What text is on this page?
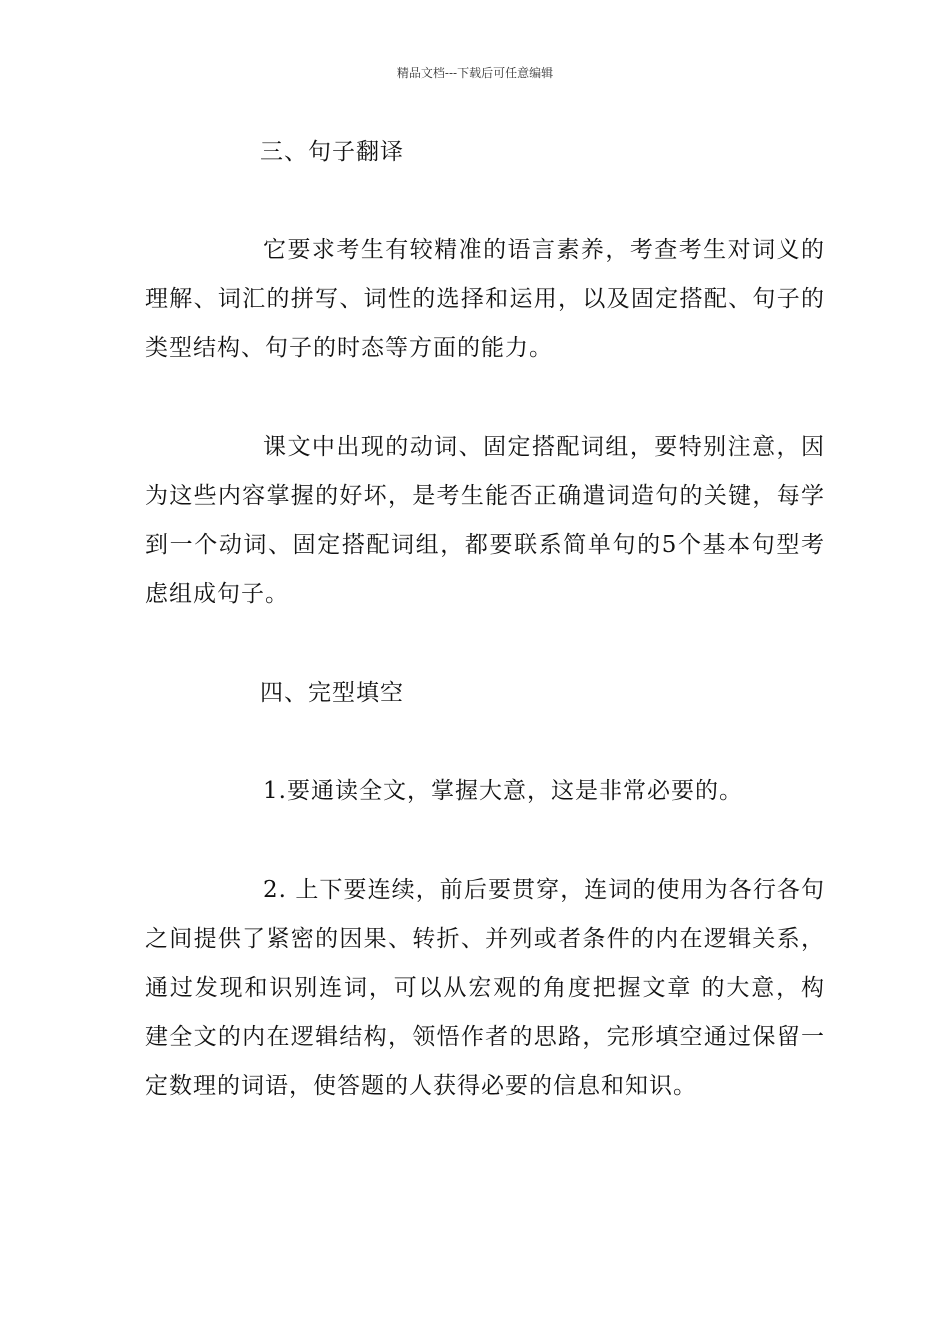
精品文档---下载后可任意编辑
三、句子翻译

它要求考生有较精准的语言素养，考查考生对词义的理解、词汇的拼写、词性的选择和运用，以及固定搭配、句子的类型结构、句子的时态等方面的能力。

课文中出现的动词、固定搭配词组，要特别注意，因为这些内容掌握的好坏，是考生能否正确遣词造句的关键，每学到一个动词、固定搭配词组，都要联系简单句的5个基本句型考虑组成句子。

四、完型填空

1.要通读全文，掌握大意，这是非常必要的。

2. 上下要连续，前后要贯穿，连词的使用为各行各句之间提供了紧密的因果、转折、并列或者条件的内在逻辑关系，通过发现和识别连词，可以从宏观的角度把握文章 的大意，构建全文的内在逻辑结构，领悟作者的思路，完形填空通过保留一定数理的词语，使答题的人获得必要的信息和知识。
